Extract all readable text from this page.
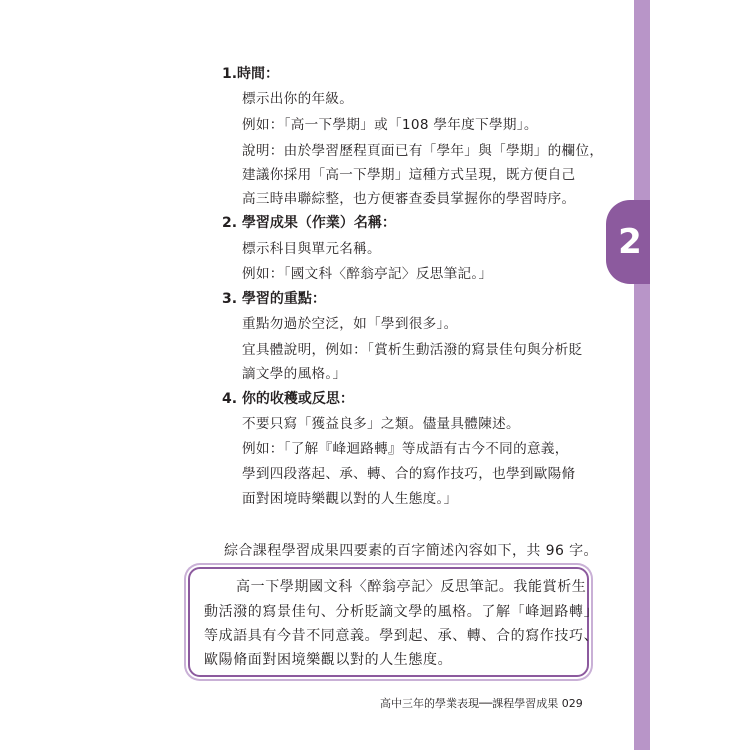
2
1.時間：
標示出你的年級。
例如：「高一下學期」或「108 學年度下學期」。
說明：由於學習歷程頁面已有「學年」與「學期」的欄位，
建議你採用「高一下學期」這種方式呈現，既方便自己
高三時串聯綜整，也方便審查委員掌握你的學習時序。
2. 學習成果（作業）名稱：
標示科目與單元名稱。
例如：「國文科〈醉翁亭記〉反思筆記。」
3. 學習的重點：
重點勿過於空泛，如「學到很多」。
宜具體說明，例如：「賞析生動活潑的寫景佳句與分析貶
謫文學的風格。」
4. 你的收穫或反思：
不要只寫「獲益良多」之類。儘量具體陳述。
例如：「了解『峰迴路轉』等成語有古今不同的意義，
學到四段落起、承、轉、合的寫作技巧，也學到歐陽脩
面對困境時樂觀以對的人生態度。」
綜合課程學習成果四要素的百字簡述內容如下，共 96 字。
高一下學期國文科〈醉翁亭記〉反思筆記。我能賞析生
動活潑的寫景佳句、分析貶謫文學的風格。了解「峰迴路轉」
等成語具有今昔不同意義。學到起、承、轉、合的寫作技巧、
歐陽脩面對困境樂觀以對的人生態度。
高中三年的學業表現──課程學習成果 029
